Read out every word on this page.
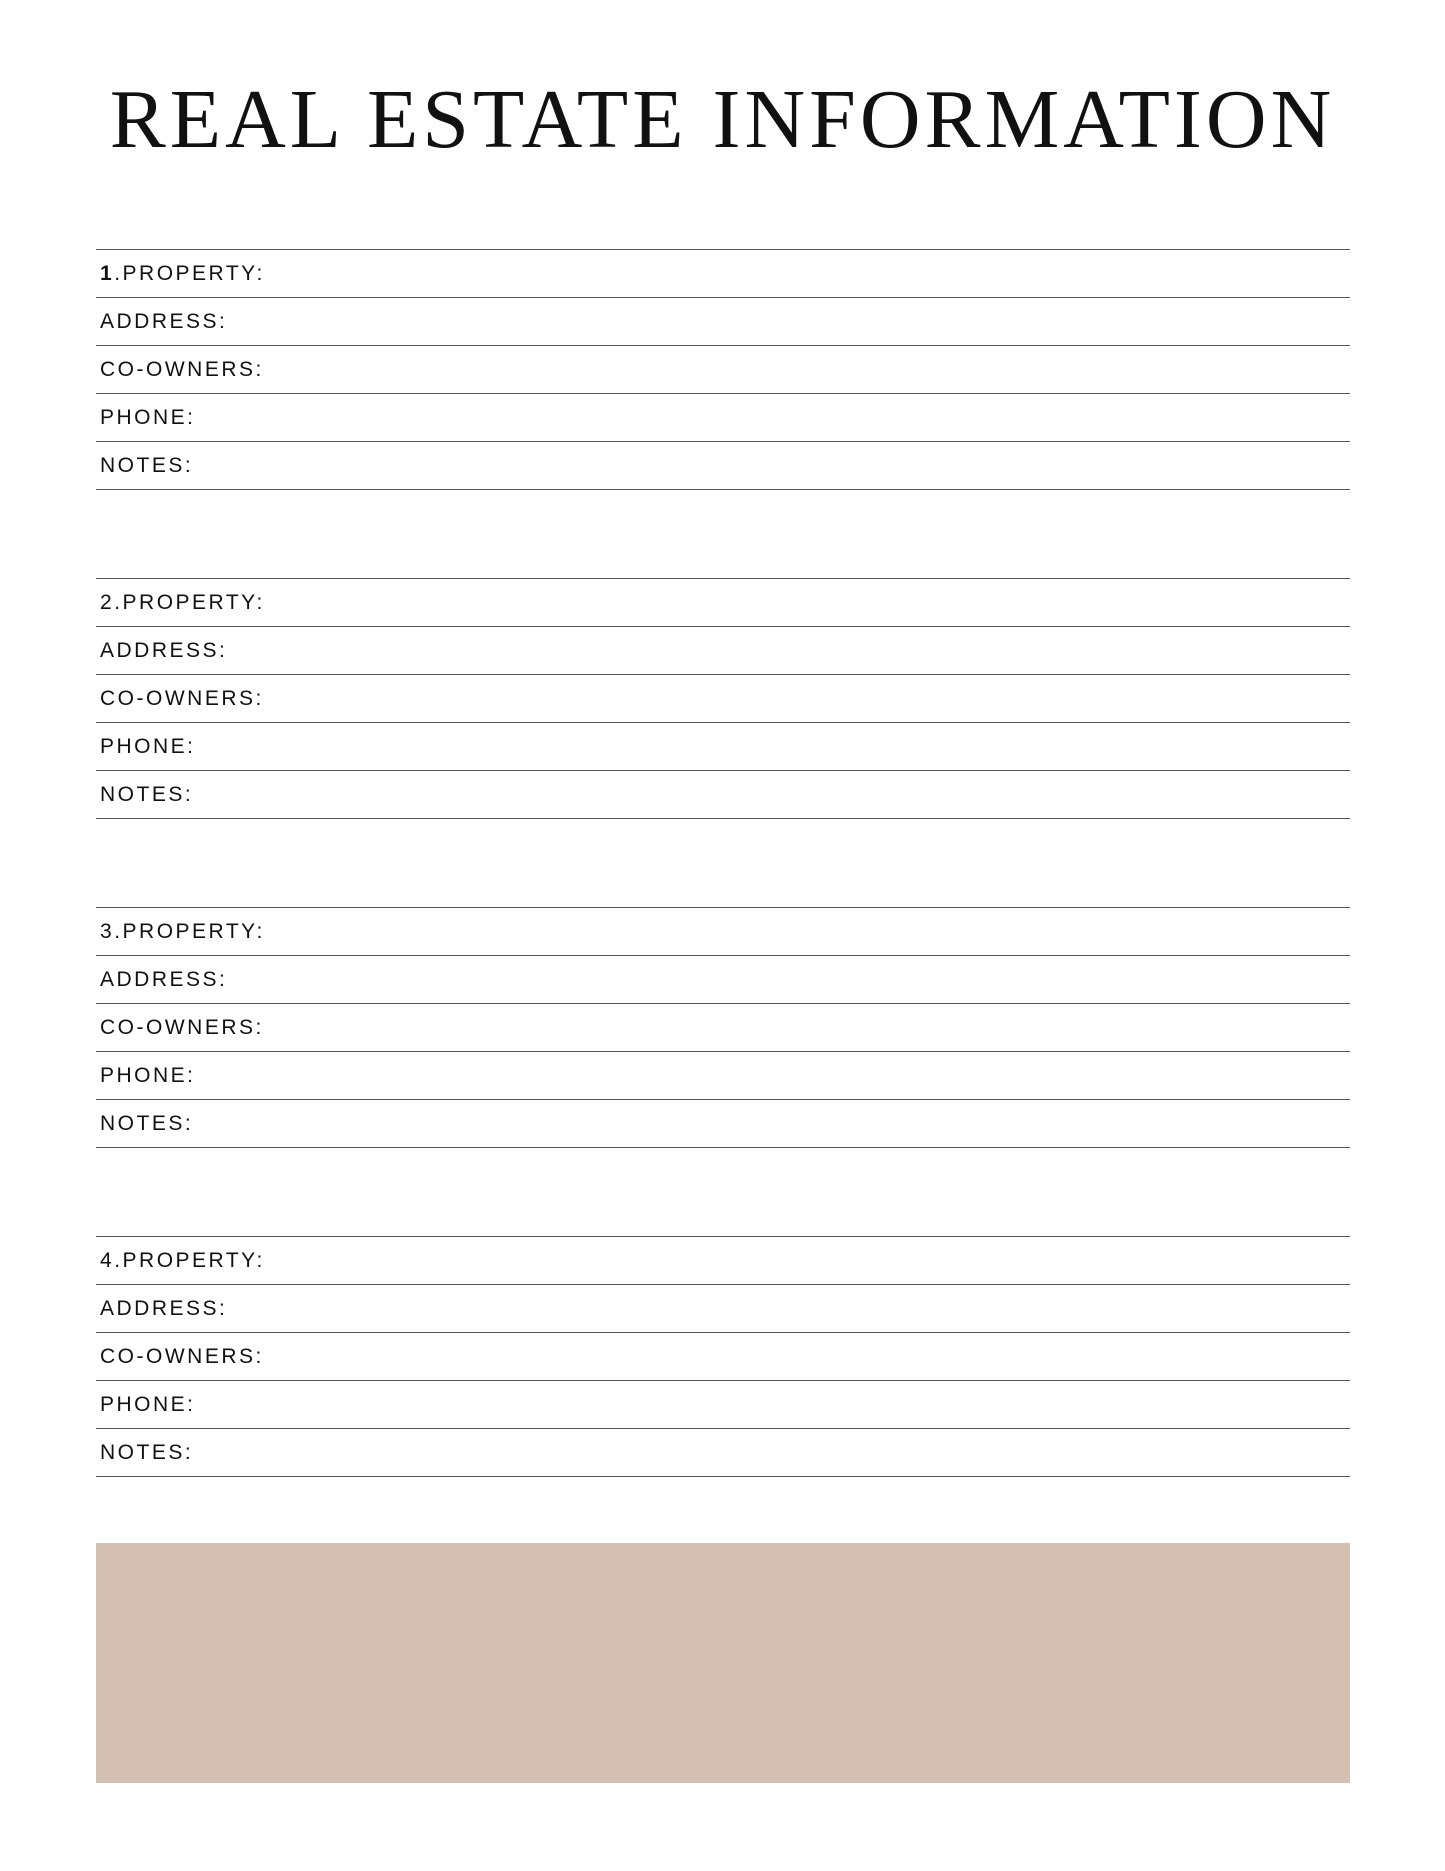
REAL ESTATE INFORMATION
1.PROPERTY:
ADDRESS:
CO-OWNERS:
PHONE:
NOTES:
2.PROPERTY:
ADDRESS:
CO-OWNERS:
PHONE:
NOTES:
3.PROPERTY:
ADDRESS:
CO-OWNERS:
PHONE:
NOTES:
4.PROPERTY:
ADDRESS:
CO-OWNERS:
PHONE:
NOTES:
